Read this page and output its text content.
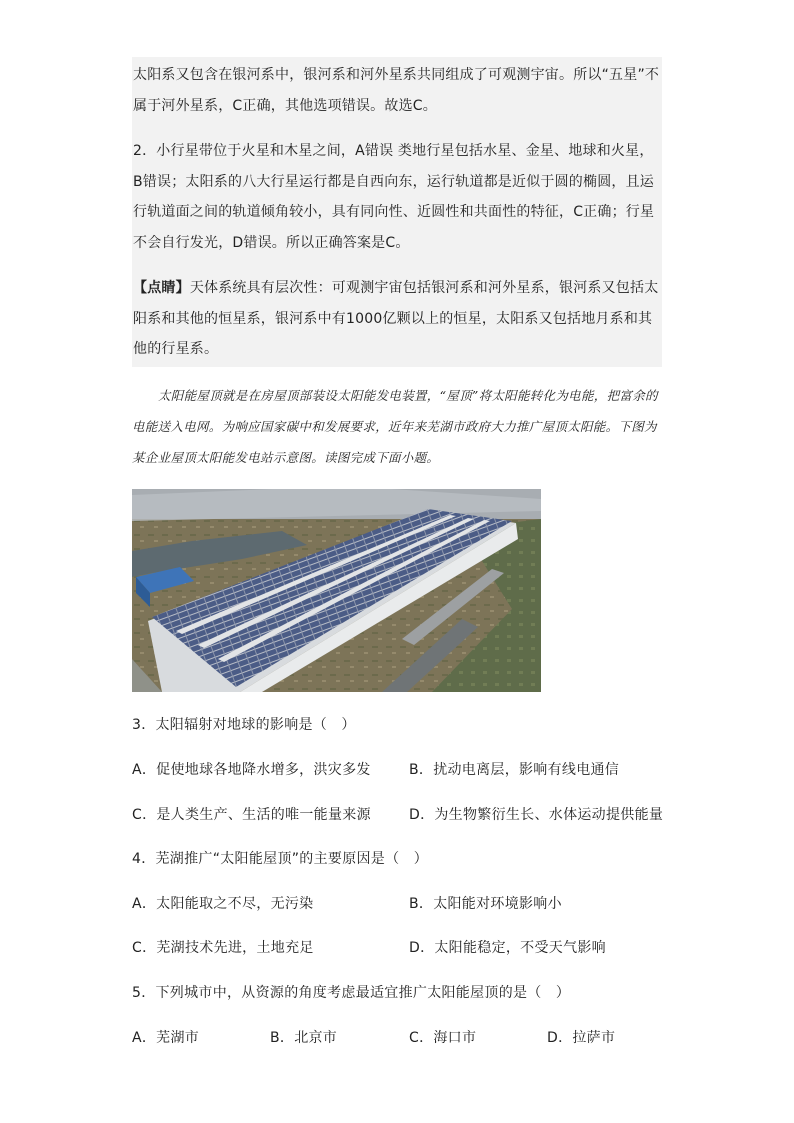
太阳系又包含在银河系中，银河系和河外星系共同组成了可观测宇宙。所以“五星”不属于河外星系，C正确，其他选项错误。故选C。

2．小行星带位于火星和木星之间，A错误 类地行星包括水星、金星、地球和火星，B错误；太阳系的八大行星运行都是自西向东，运行轨道都是近似于圆的椭圆，且运行轨道面之间的轨道倾角较小，具有同向性、近圆性和共面性的特征，C正确；行星不会自行发光，D错误。所以正确答案是C。

【点睛】天体系统具有层次性：可观测宇宙包括银河系和河外星系，银河系又包括太阳系和其他的恒星系，银河系中有1000亿颗以上的恒星，太阳系又包括地月系和其他的行星系。

太阳能屋顶就是在房屋顶部装设太阳能发电装置，“屋顶”将太阳能转化为电能，把富余的电能送入电网。为响应国家碳中和发展要求，近年来芜湖市政府大力推广屋顶太阳能。下图为某企业屋顶太阳能发电站示意图。读图完成下面小题。

3．太阳辐射对地球的影响是（　）

A．促使地球各地降水增多，洪灾多发	B．扰动电离层，影响有线电通信

C．是人类生产、生活的唯一能量来源	D．为生物繁衍生长、水体运动提供能量

4．芜湖推广“太阳能屋顶”的主要原因是（　）

A．太阳能取之不尽，无污染	B．太阳能对环境影响小

C．芜湖技术先进，土地充足	D．太阳能稳定，不受天气影响

5．下列城市中，从资源的角度考虑最适宜推广太阳能屋顶的是（　）

A．芜湖市	B．北京市	C．海口市	D．拉萨市
